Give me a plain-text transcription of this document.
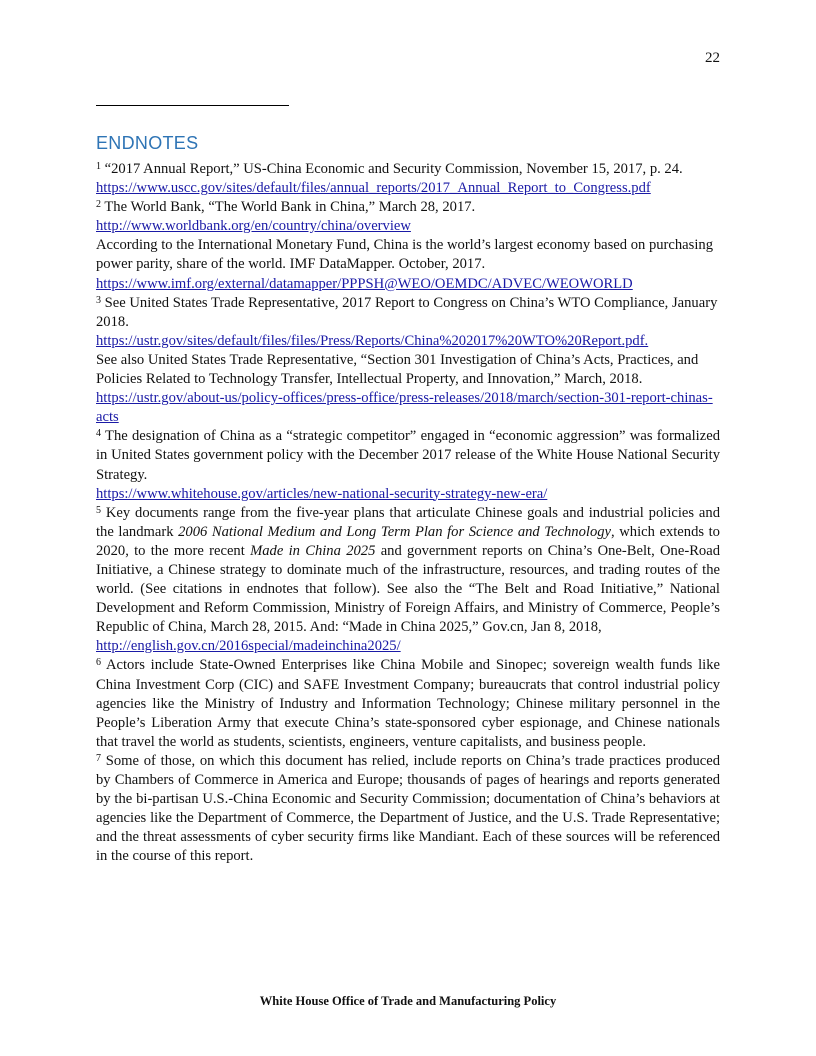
22
ENDNOTES

$^1$ “2017 Annual Report,” US-China Economic and Security Commission, November 15, 2017, p. 24.

https://www.uscc.gov/sites/default/files/annual_reports/2017_Annual_Report_to_Congress.pdf

$^2$ The World Bank, “The World Bank in China,” March 28, 2017.

http://www.worldbank.org/en/country/china/overview

According to the International Monetary Fund, China is the world’s largest economy based on purchasing power parity, share of the world. IMF DataMapper. October, 2017.

https://www.imf.org/external/datamapper/PPPSH@WEO/OEMDC/ADVEC/WEOWORLD

$^3$ See United States Trade Representative, 2017 Report to Congress on China’s WTO Compliance, January 2018.

https://ustr.gov/sites/default/files/files/Press/Reports/China%202017%20WTO%20Report.pdf.

See also United States Trade Representative, “Section 301 Investigation of China’s Acts, Practices, and Policies Related to Technology Transfer, Intellectual Property, and Innovation,” March, 2018. https://ustr.gov/about-us/policy-offices/press-office/press-releases/2018/march/section-301-report-chinas-acts

$^4$ The designation of China as a “strategic competitor” engaged in “economic aggression” was formalized in United States government policy with the December 2017 release of the White House National Security Strategy.

https://www.whitehouse.gov/articles/new-national-security-strategy-new-era/

$^5$ Key documents range from the five-year plans that articulate Chinese goals and industrial policies and the landmark 2006 National Medium and Long Term Plan for Science and Technology, which extends to 2020, to the more recent Made in China 2025 and government reports on China’s One-Belt, One-Road Initiative, a Chinese strategy to dominate much of the infrastructure, resources, and trading routes of the world. (See citations in endnotes that follow). See also the “The Belt and Road Initiative,” National Development and Reform Commission, Ministry of Foreign Affairs, and Ministry of Commerce, People’s Republic of China, March 28, 2015. And: “Made in China 2025,” Gov.cn, Jan 8, 2018,

http://english.gov.cn/2016special/madeinchina2025/

$^6$ Actors include State-Owned Enterprises like China Mobile and Sinopec; sovereign wealth funds like China Investment Corp (CIC) and SAFE Investment Company; bureaucrats that control industrial policy agencies like the Ministry of Industry and Information Technology; Chinese military personnel in the People’s Liberation Army that execute China’s state-sponsored cyber espionage, and Chinese nationals that travel the world as students, scientists, engineers, venture capitalists, and business people.

$^7$ Some of those, on which this document has relied, include reports on China’s trade practices produced by Chambers of Commerce in America and Europe; thousands of pages of hearings and reports generated by the bi-partisan U.S.-China Economic and Security Commission; documentation of China’s behaviors at agencies like the Department of Commerce, the Department of Justice, and the U.S. Trade Representative; and the threat assessments of cyber security firms like Mandiant. Each of these sources will be referenced in the course of this report.

White House Office of Trade and Manufacturing Policy
